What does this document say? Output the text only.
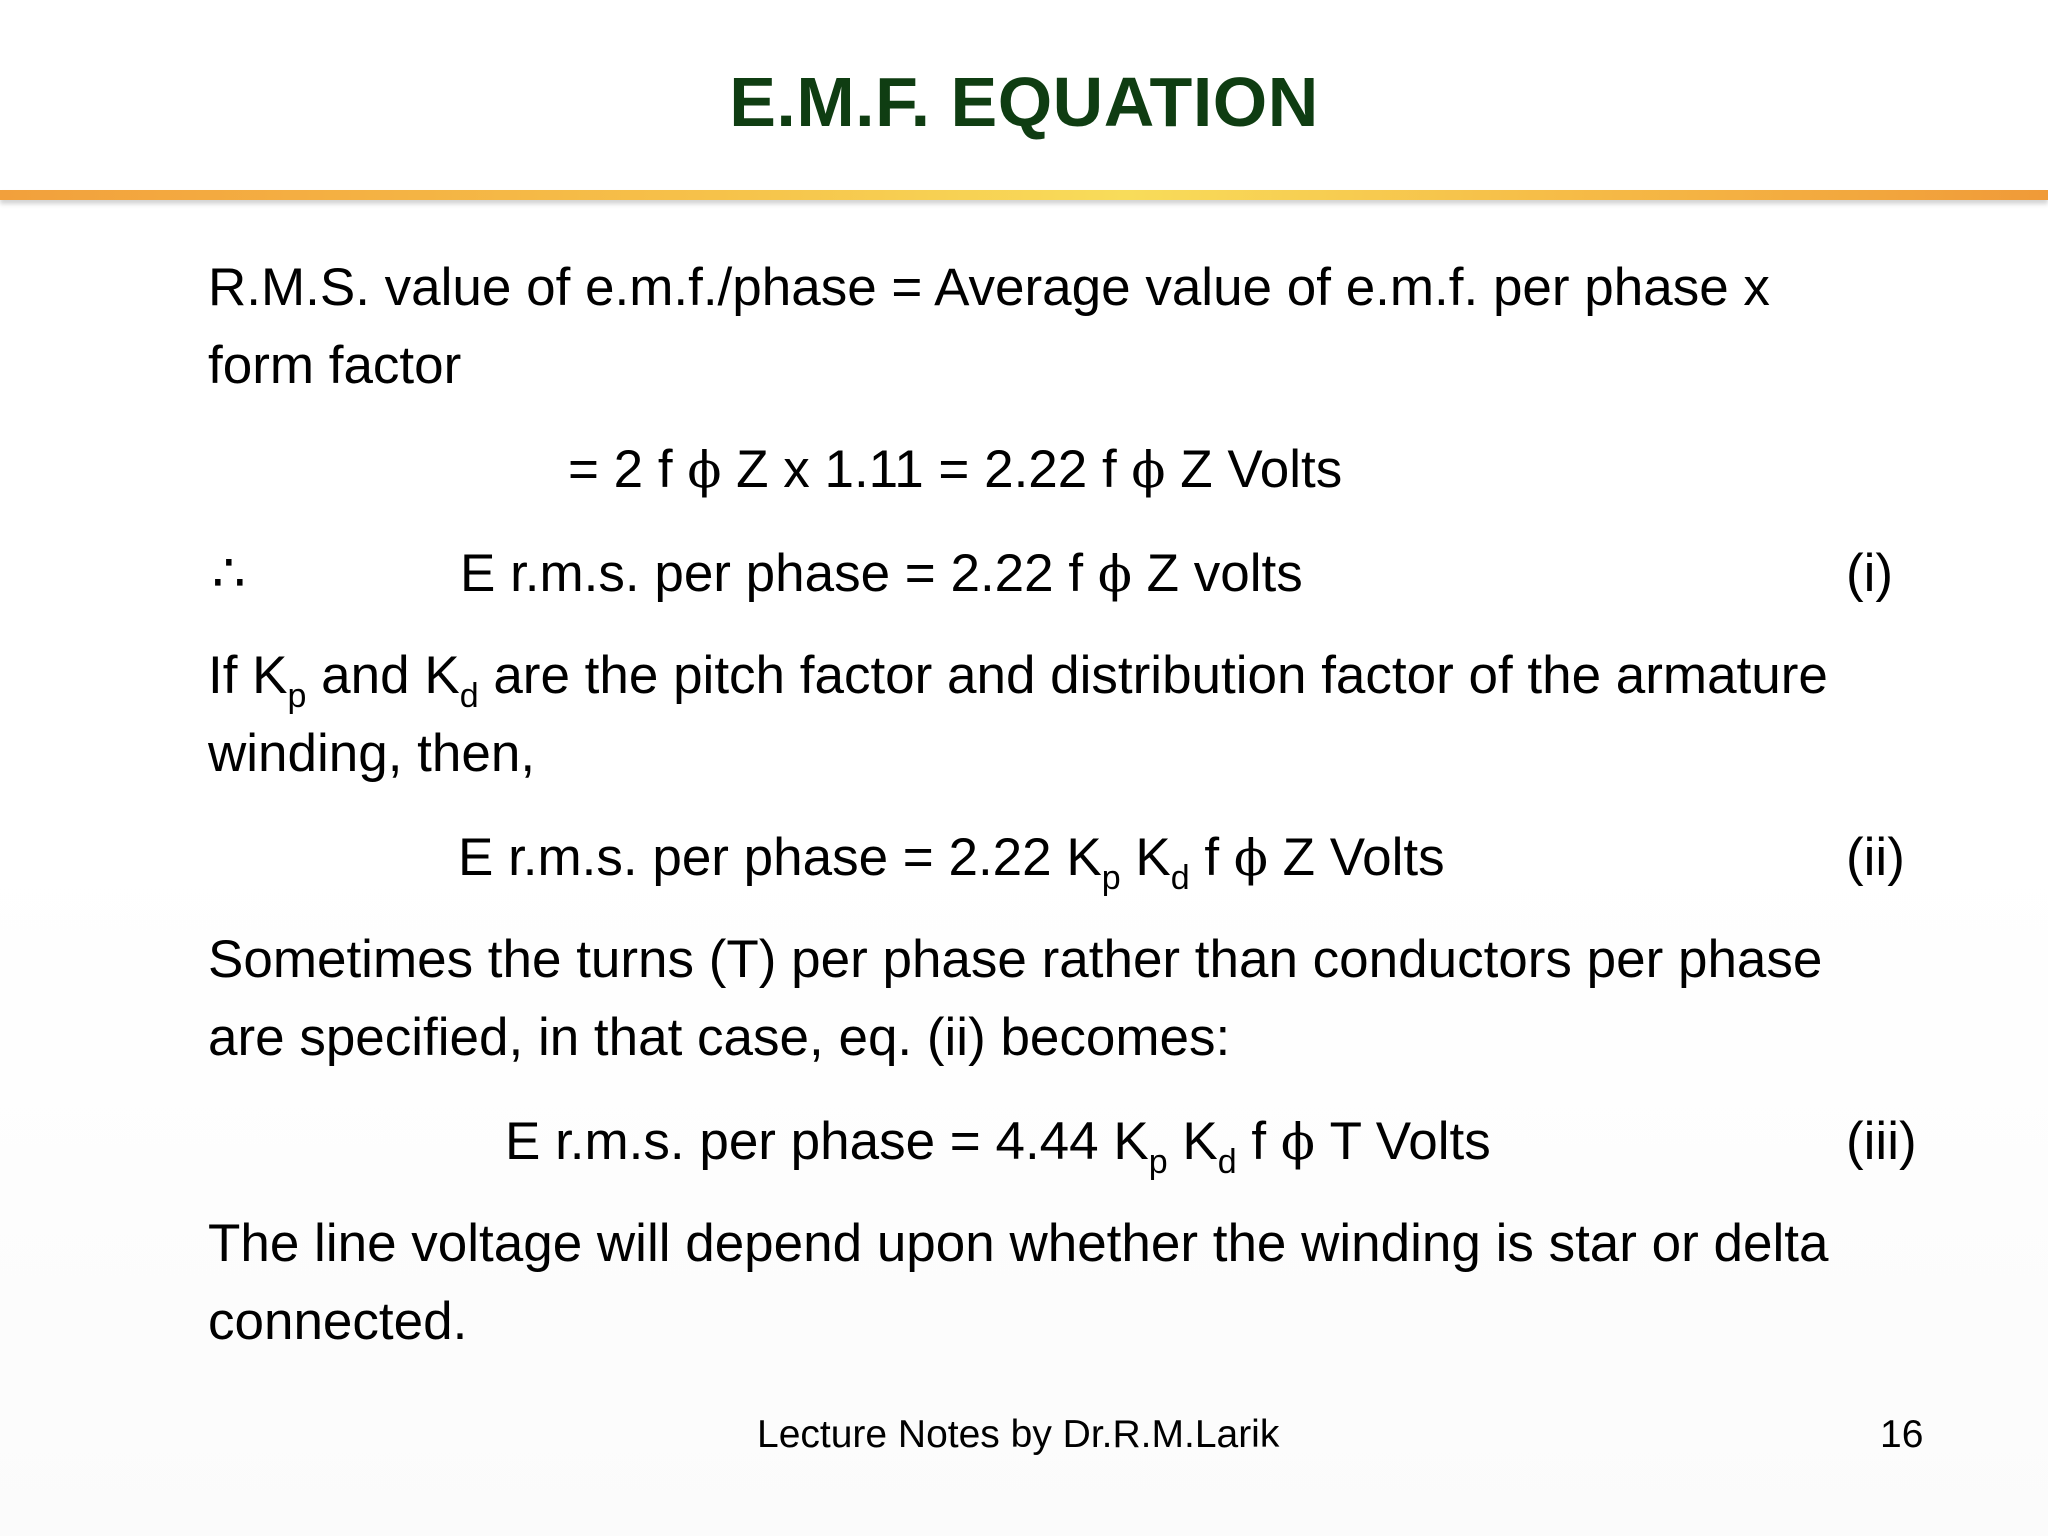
E.M.F. EQUATION
R.M.S. value of e.m.f./phase = Average value of e.m.f. per phase x
form factor
= 2 f ϕ Z x 1.11 = 2.22 f ϕ Z Volts
∴	E r.m.s. per phase = 2.22 f ϕ Z volts	(i)
If $K_p$ and $K_d$ are the pitch factor and distribution factor of the armature
winding, then,
E r.m.s. per phase = 2.22 $K_p$ $K_d$ f ϕ Z Volts	(ii)
Sometimes the turns (T) per phase rather than conductors per phase
are specified, in that case, eq. (ii) becomes:
E r.m.s. per phase = 4.44 $K_p$ $K_d$ f ϕ T Volts	(iii)
The line voltage will depend upon whether the winding is star or delta
connected.
Lecture Notes by Dr.R.M.Larik	16
